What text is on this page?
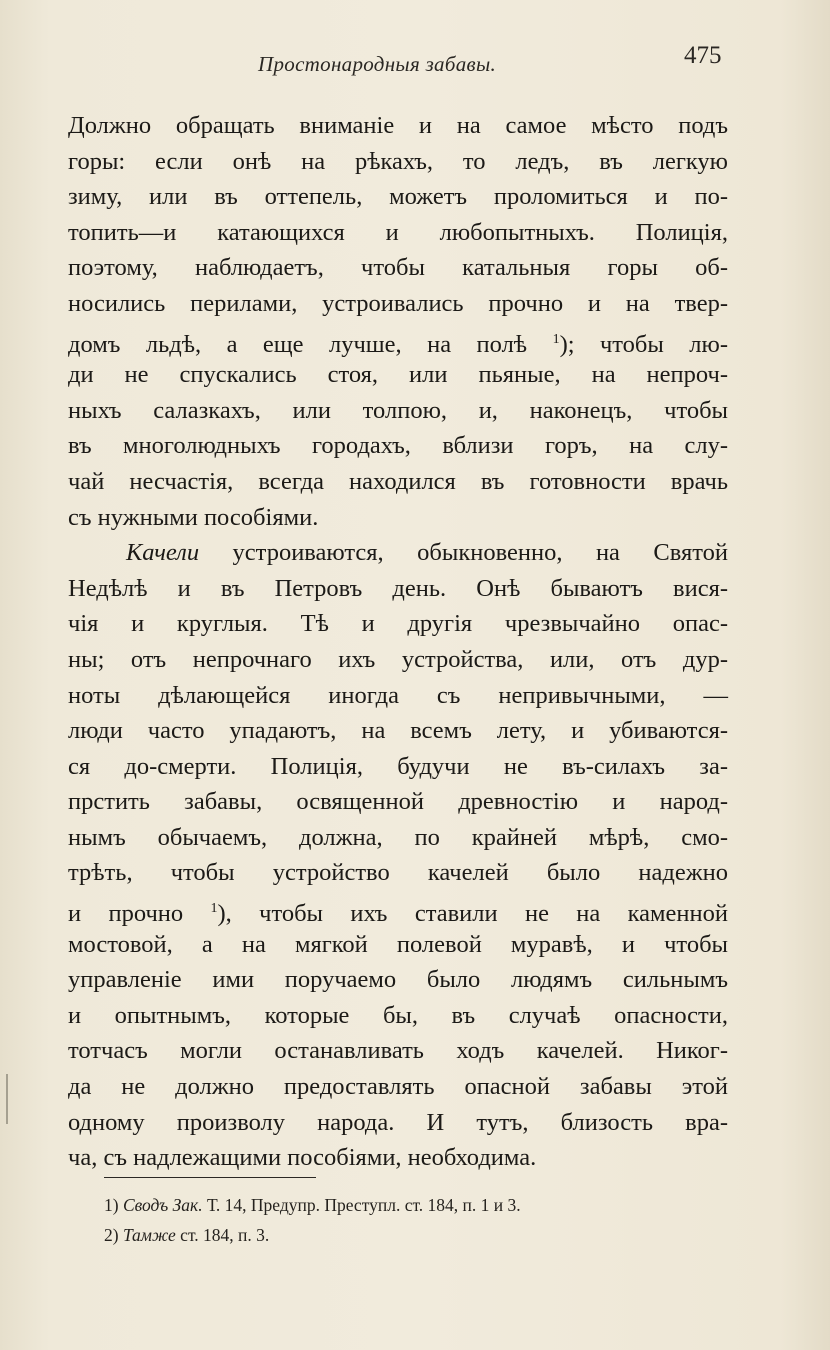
Простонародныя забавы.	475
Должно обращать вниманіе и на самое мѣсто подъ
горы: если онѣ на рѣкахъ, то ледъ, въ легкую
зиму, или въ оттепель, можетъ проломиться и по-
топить—и катающихся и любопытныхъ. Полиція,
поэтому, наблюдаетъ, чтобы катальныя горы об-
носились перилами, устроивались прочно и на твер-
домъ льдѣ, а еще лучше, на полѣ $^1$); чтобы лю-
ди не спускались стоя, или пьяные, на непроч-
ныхъ салазкахъ, или толпою, и, наконецъ, чтобы
въ многолюдныхъ городахъ, вблизи горъ, на слу-
чай несчастія, всегда находился въ готовности врачь
съ нужными пособіями.
Качели устроиваются, обыкновенно, на Святой
Недѣлѣ и въ Петровъ день. Онѣ бываютъ вися-
чія и круглыя. Тѣ и другія чрезвычайно опас-
ны; отъ непрочнаго ихъ устройства, или, отъ дур-
ноты дѣлающейся иногда съ непривычными, —
люди часто упадаютъ, на всемъ лету, и убиваются-
ся до-смерти. Полиція, будучи не въ-силахъ за-
прстить забавы, освященной древностію и народ-
нымъ обычаемъ, должна, по крайней мѣрѣ, смо-
трѣть, чтобы устройство качелей было надежно
и прочно $^1$), чтобы ихъ ставили не на каменной
мостовой, а на мягкой полевой муравѣ, и чтобы
управленіе ими поручаемо было людямъ сильнымъ
и опытнымъ, которые бы, въ случаѣ опасности,
тотчасъ могли останавливать ходъ качелей. Никог-
да не должно предоставлять опасной забавы этой
одному произволу народа. И тутъ, близость вра-
ча, съ надлежащими пособіями, необходима.
1) Сводъ Зак. Т. 14, Предупр. Преступл. ст. 184, п. 1 и 3.
2) Тамже ст. 184, п. 3.
